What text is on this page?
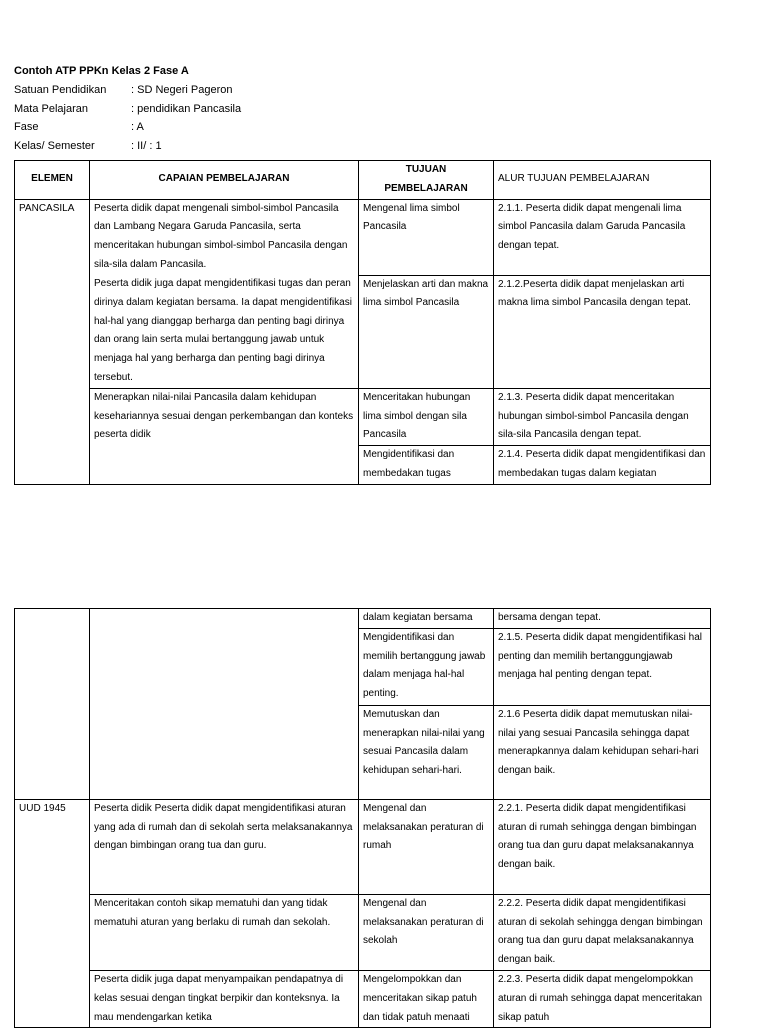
Contoh ATP PPKn Kelas 2 Fase A
Satuan Pendidikan : SD Negeri Pageron
Mata Pelajaran	: pendidikan Pancasila
Fase	: A
Kelas/ Semester	: II/ : 1
ELEMEN	CAPAIAN PEMBELAJARAN	TUJUAN PEMBELAJARAN	ALUR TUJUAN PEMBELAJARAN
PANCASILA	Peserta didik dapat mengenali simbol-simbol Pancasila dan Lambang Negara Garuda Pancasila, serta menceritakan hubungan simbol-simbol Pancasila dengan sila-sila dalam Pancasila.	Mengenal lima simbol Pancasila	2.1.1. Peserta didik dapat mengenali lima simbol Pancasila dalam Garuda Pancasila dengan tepat.
	Peserta didik juga dapat mengidentifikasi tugas dan peran dirinya dalam kegiatan bersama. Ia dapat mengidentifikasi hal-hal yang dianggap berharga dan penting bagi dirinya dan orang lain serta mulai bertanggung jawab untuk menjaga hal yang berharga dan penting bagi dirinya tersebut.	Menjelaskan arti dan makna lima simbol Pancasila	2.1.2.Peserta didik dapat menjelaskan arti makna lima simbol Pancasila dengan tepat.
	Menerapkan nilai-nilai Pancasila dalam kehidupan kesehariannya sesuai dengan perkembangan dan konteks peserta didik	Menceritakan hubungan lima simbol dengan sila Pancasila	2.1.3. Peserta didik dapat menceritakan hubungan simbol-simbol Pancasila dengan sila-sila Pancasila dengan tepat.
		Mengidentifikasi dan membedakan tugas	2.1.4. Peserta didik dapat mengidentifikasi dan membedakan tugas dalam kegiatan
		dalam kegiatan bersama	bersama dengan tepat.
		Mengidentifikasi dan memilih bertanggung jawab dalam menjaga hal-hal penting.	2.1.5. Peserta didik dapat mengidentifikasi hal penting dan memilih bertanggungjawab menjaga hal penting dengan tepat.
		Memutuskan dan menerapkan nilai-nilai yang sesuai Pancasila dalam kehidupan sehari-hari.	2.1.6 Peserta didik dapat memutuskan nilai-nilai yang sesuai Pancasila sehingga dapat menerapkannya dalam kehidupan sehari-hari dengan baik.
UUD 1945	Peserta didik Peserta didik dapat mengidentifikasi aturan yang ada di rumah dan di sekolah serta melaksanakannya dengan bimbingan orang tua dan guru.	Mengenal dan melaksanakan peraturan di rumah	2.2.1. Peserta didik dapat mengidentifikasi aturan di rumah sehingga dengan bimbingan orang tua dan guru dapat melaksanakannya dengan baik.
	Menceritakan contoh sikap mematuhi dan yang tidak mematuhi aturan yang berlaku di rumah dan sekolah.	Mengenal dan melaksanakan peraturan di sekolah	2.2.2. Peserta didik dapat mengidentifikasi aturan di sekolah sehingga dengan bimbingan orang tua dan guru dapat melaksanakannya dengan baik.
	Peserta didik juga dapat menyampaikan pendapatnya di kelas sesuai dengan tingkat berpikir dan konteksnya. Ia mau mendengarkan ketika	Mengelompokkan dan menceritakan sikap patuh dan tidak patuh menaati	2.2.3. Peserta didik dapat mengelompokkan aturan di rumah sehingga dapat menceritakan sikap patuh
